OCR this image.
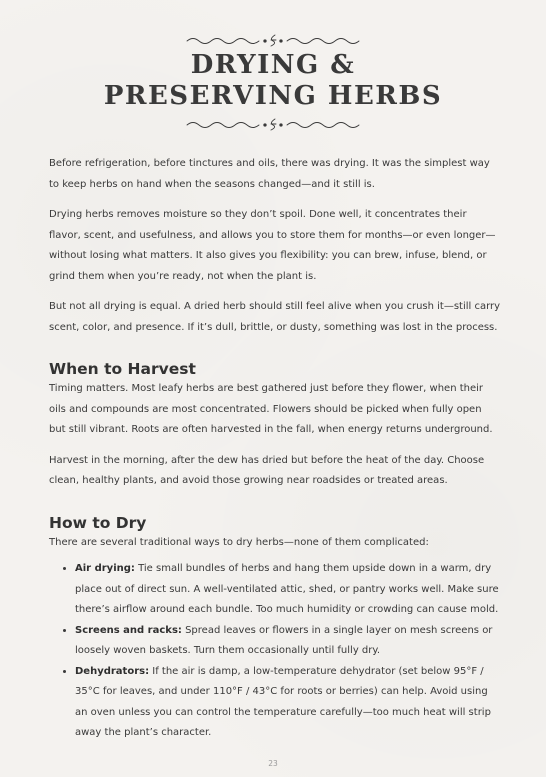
DRYING &
PRESERVING HERBS

Before refrigeration, before tinctures and oils, there was drying. It was the simplest way to keep herbs on hand when the seasons changed—and it still is.

Drying herbs removes moisture so they don’t spoil. Done well, it concentrates their flavor, scent, and usefulness, and allows you to store them for months—or even longer—without losing what matters. It also gives you flexibility: you can brew, infuse, blend, or grind them when you’re ready, not when the plant is.

But not all drying is equal. A dried herb should still feel alive when you crush it—still carry scent, color, and presence. If it’s dull, brittle, or dusty, something was lost in the process.

When to Harvest

Timing matters. Most leafy herbs are best gathered just before they flower, when their oils and compounds are most concentrated. Flowers should be picked when fully open but still vibrant. Roots are often harvested in the fall, when energy returns underground.

Harvest in the morning, after the dew has dried but before the heat of the day. Choose clean, healthy plants, and avoid those growing near roadsides or treated areas.

How to Dry

There are several traditional ways to dry herbs—none of them complicated:

• Air drying: Tie small bundles of herbs and hang them upside down in a warm, dry place out of direct sun. A well-ventilated attic, shed, or pantry works well. Make sure there’s airflow around each bundle. Too much humidity or crowding can cause mold.
• Screens and racks: Spread leaves or flowers in a single layer on mesh screens or loosely woven baskets. Turn them occasionally until fully dry.
• Dehydrators: If the air is damp, a low-temperature dehydrator (set below 95°F / 35°C for leaves, and under 110°F / 43°C for roots or berries) can help. Avoid using an oven unless you can control the temperature carefully—too much heat will strip away the plant’s character.
23
